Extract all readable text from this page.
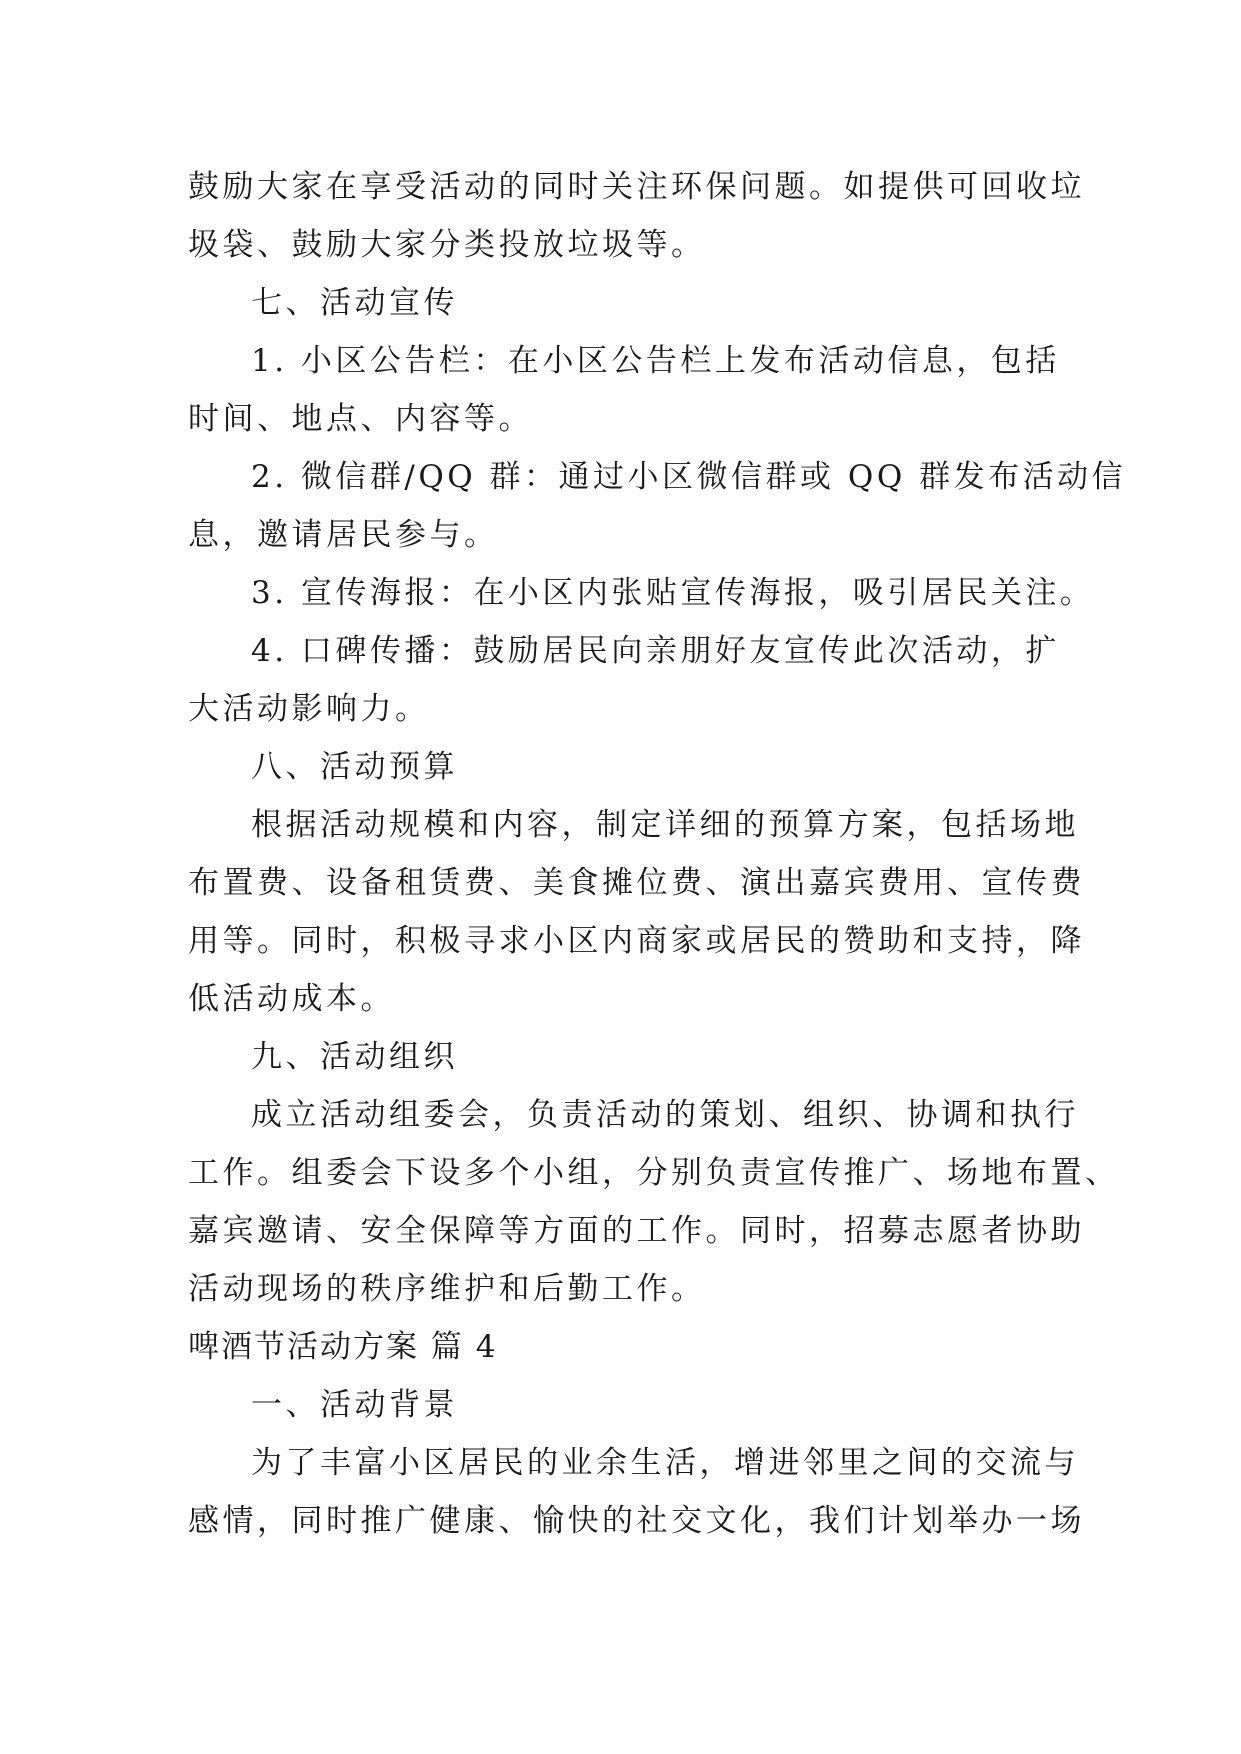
鼓励大家在享受活动的同时关注环保问题。如提供可回收垃
圾袋、鼓励大家分类投放垃圾等。
七、活动宣传
1. 小区公告栏：在小区公告栏上发布活动信息，包括
时间、地点、内容等。
2. 微信群/QQ 群：通过小区微信群或 QQ 群发布活动信
息，邀请居民参与。
3. 宣传海报：在小区内张贴宣传海报，吸引居民关注。
4. 口碑传播：鼓励居民向亲朋好友宣传此次活动，扩
大活动影响力。
八、活动预算
根据活动规模和内容，制定详细的预算方案，包括场地
布置费、设备租赁费、美食摊位费、演出嘉宾费用、宣传费
用等。同时，积极寻求小区内商家或居民的赞助和支持，降
低活动成本。
九、活动组织
成立活动组委会，负责活动的策划、组织、协调和执行
工作。组委会下设多个小组，分别负责宣传推广、场地布置、
嘉宾邀请、安全保障等方面的工作。同时，招募志愿者协助
活动现场的秩序维护和后勤工作。
啤酒节活动方案 篇 4
一、活动背景
为了丰富小区居民的业余生活，增进邻里之间的交流与
感情，同时推广健康、愉快的社交文化，我们计划举办一场
